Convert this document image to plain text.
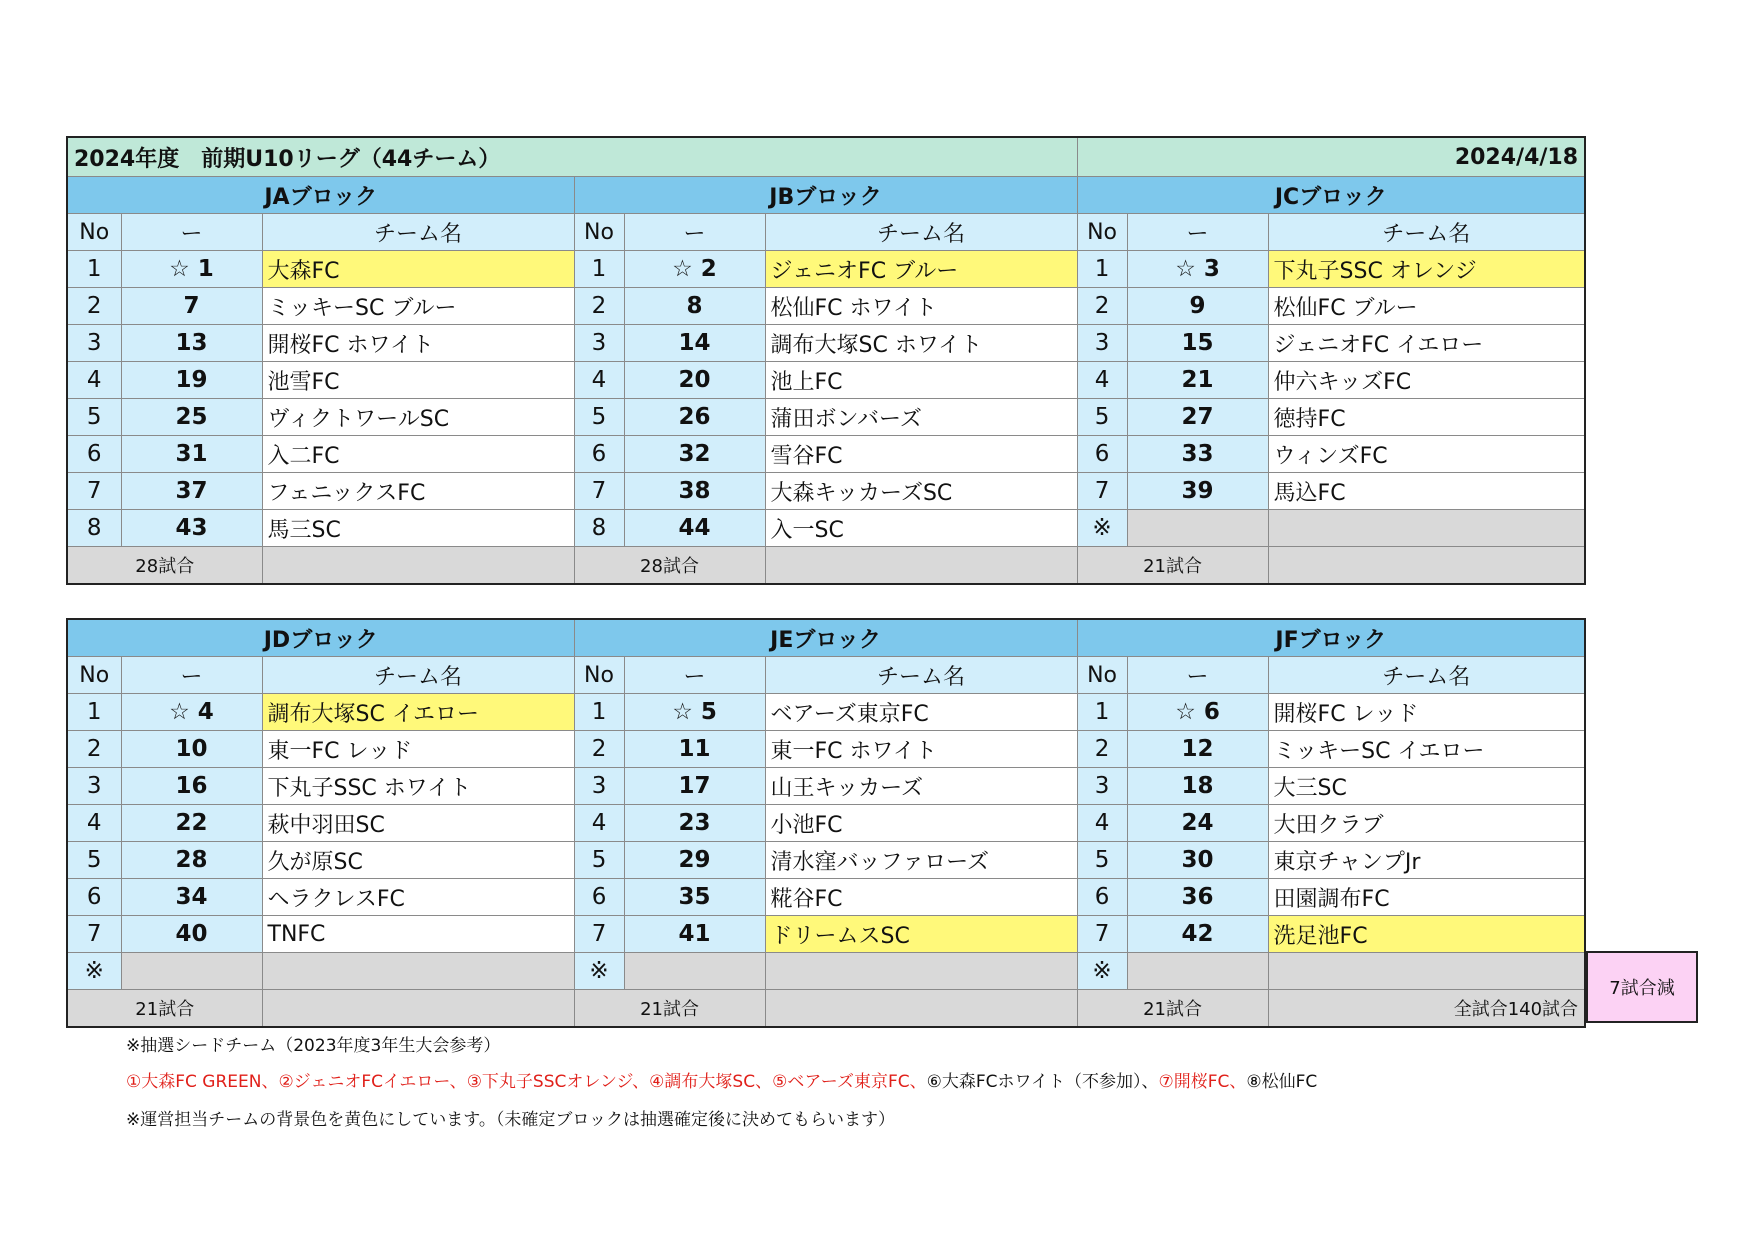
2024年度　前期U10リーグ（44チーム）						2024/4/18		
JAブロック			JBブロック			JCブロック		
No	ー	チーム名	No	ー	チーム名	No	ー	チーム名
1	☆ 1	大森FC	1	☆ 2	ジェニオFC ブルー	1	☆ 3	下丸子SSC オレンジ
2	7	ミッキーSC ブルー	2	8	松仙FC ホワイト	2	9	松仙FC ブルー
3	13	開桜FC ホワイト	3	14	調布大塚SC ホワイト	3	15	ジェニオFC イエロー
4	19	池雪FC	4	20	池上FC	4	21	仲六キッズFC
5	25	ヴィクトワールSC	5	26	蒲田ボンバーズ	5	27	徳持FC
6	31	入二FC	6	32	雪谷FC	6	33	ウィンズFC
7	37	フェニックスFC	7	38	大森キッカーズSC	7	39	馬込FC
8	43	馬三SC	8	44	入一SC	※		
28試合			28試合			21試合		
JDブロック			JEブロック			JFブロック		
No	ー	チーム名	No	ー	チーム名	No	ー	チーム名
1	☆ 4	調布大塚SC イエロー	1	☆ 5	ベアーズ東京FC	1	☆ 6	開桜FC レッド
2	10	東一FC レッド	2	11	東一FC ホワイト	2	12	ミッキーSC イエロー
3	16	下丸子SSC ホワイト	3	17	山王キッカーズ	3	18	大三SC
4	22	萩中羽田SC	4	23	小池FC	4	24	大田クラブ
5	28	久が原SC	5	29	清水窪バッファローズ	5	30	東京チャンプJr
6	34	ヘラクレスFC	6	35	糀谷FC	6	36	田園調布FC
7	40	TNFC	7	41	ドリームスSC	7	42	洗足池FC
※			※			※		
21試合			21試合			21試合		全試合140試合
7試合減
※抽選シードチーム（2023年度3年生大会参考）
①大森FC GREEN、②ジェニオFCイエロー、③下丸子SSCオレンジ、④調布大塚SC、⑤ベアーズ東京FC、⑥大森FCホワイト（不参加）、⑦開桜FC、⑧松仙FC
※運営担当チームの背景色を黄色にしています。（未確定ブロックは抽選確定後に決めてもらいます）
